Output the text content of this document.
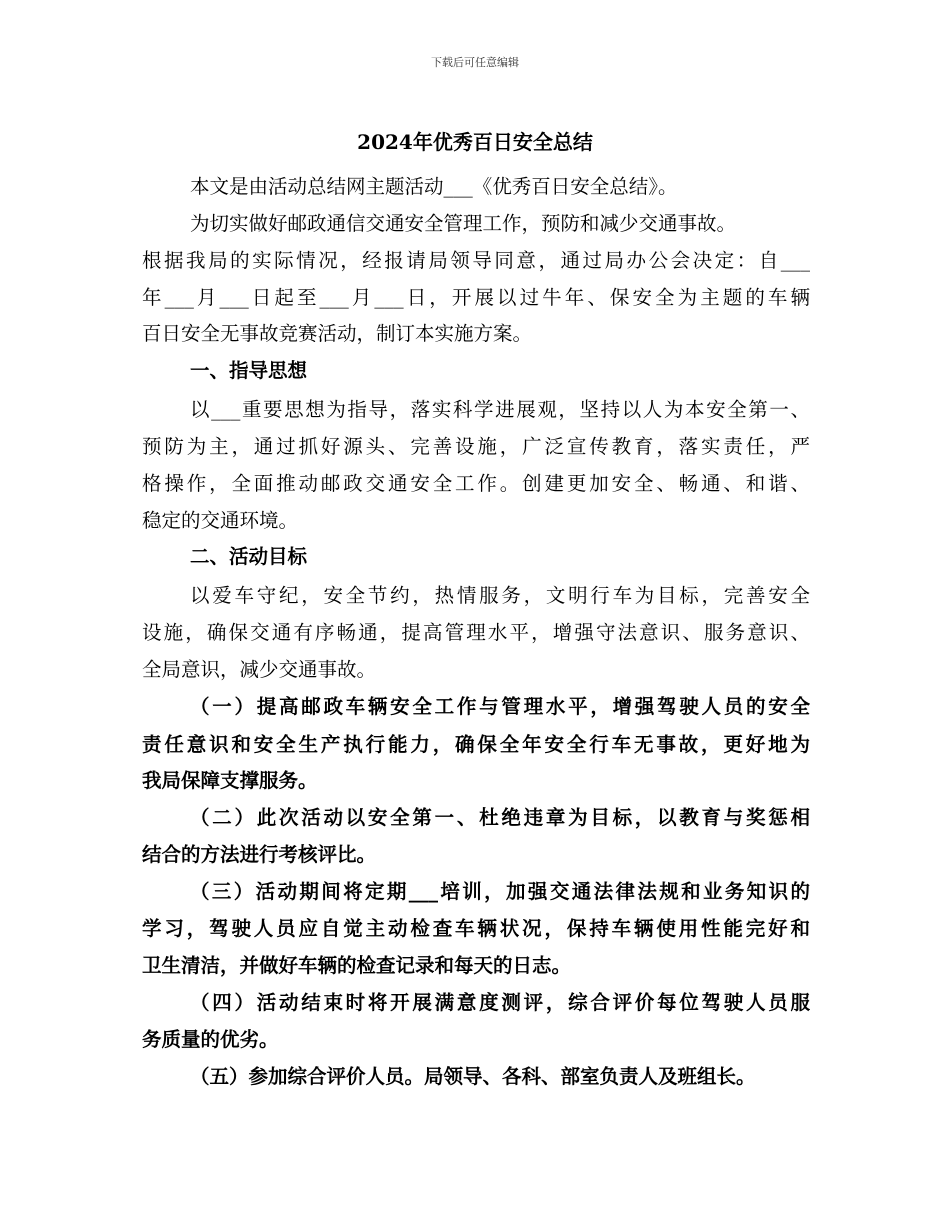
下载后可任意编辑
2024年优秀百日安全总结
本文是由活动总结网主题活动___《优秀百日安全总结》。
为切实做好邮政通信交通安全管理工作，预防和减少交通事故。
根据我局的实际情况，经报请局领导同意，通过局办公会决定：自___
年___月___日起至___月___日，开展以过牛年、保安全为主题的车辆
百日安全无事故竞赛活动，制订本实施方案。
一、指导思想
以___重要思想为指导，落实科学进展观，坚持以人为本安全第一、
预防为主，通过抓好源头、完善设施，广泛宣传教育，落实责任，严
格操作，全面推动邮政交通安全工作。创建更加安全、畅通、和谐、
稳定的交通环境。
二、活动目标
以爱车守纪，安全节约，热情服务，文明行车为目标，完善安全
设施，确保交通有序畅通，提高管理水平，增强守法意识、服务意识、
全局意识，减少交通事故。
（一）提高邮政车辆安全工作与管理水平，增强驾驶人员的安全
责任意识和安全生产执行能力，确保全年安全行车无事故，更好地为
我局保障支撑服务。
（二）此次活动以安全第一、杜绝违章为目标，以教育与奖惩相
结合的方法进行考核评比。
（三）活动期间将定期___培训，加强交通法律法规和业务知识的
学习，驾驶人员应自觉主动检查车辆状况，保持车辆使用性能完好和
卫生清洁，并做好车辆的检查记录和每天的日志。
（四）活动结束时将开展满意度测评，综合评价每位驾驶人员服
务质量的优劣。
（五）参加综合评价人员。局领导、各科、部室负责人及班组长。
